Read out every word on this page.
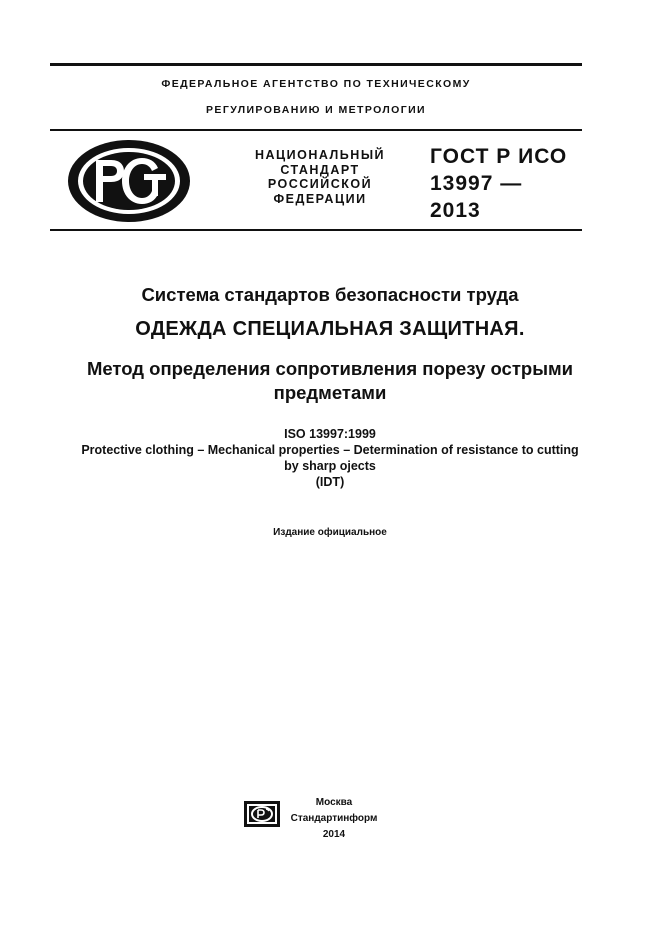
ФЕДЕРАЛЬНОЕ АГЕНТСТВО ПО ТЕХНИЧЕСКОМУ
РЕГУЛИРОВАНИЮ И МЕТРОЛОГИИ
НАЦИОНАЛЬНЫЙ
СТАНДАРТ
РОССИЙСКОЙ
ФЕДЕРАЦИИ
ГОСТ Р ИСО
13997 —
2013
Система стандартов безопасности труда
ОДЕЖДА СПЕЦИАЛЬНАЯ ЗАЩИТНАЯ.
Метод определения сопротивления порезу острыми
предметами
ISO 13997:1999
Protective clothing – Mechanical properties – Determination of resistance to cutting
by sharp ojects
(IDT)
Издание официальное
Москва
Стандартинформ
2014
